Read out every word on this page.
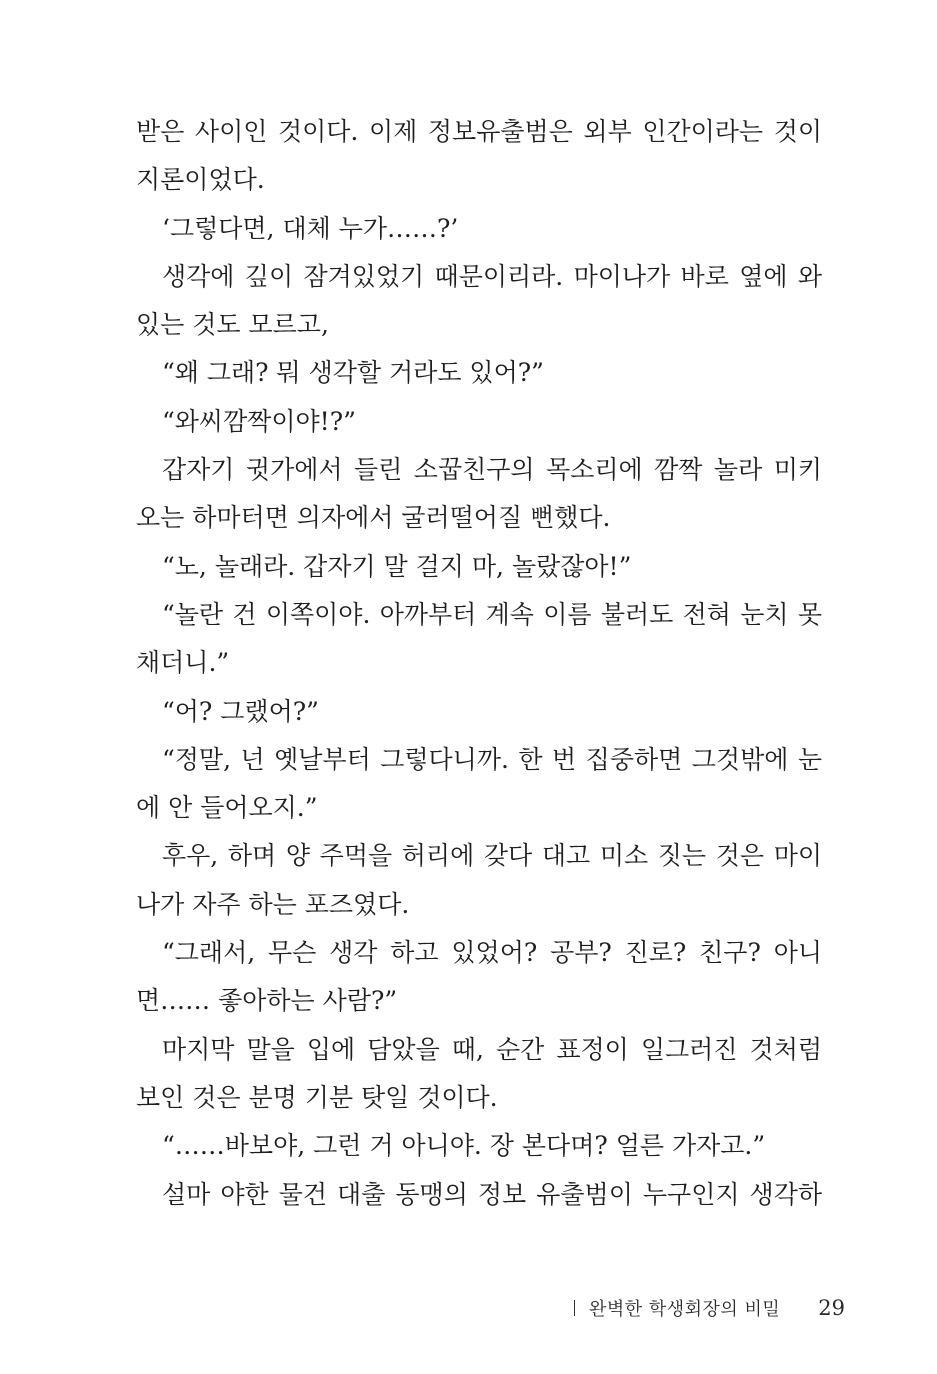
받은 사이인 것이다. 이제 정보유출범은 외부 인간이라는 것이
지론이었다.
‘그렇다면, 대체 누가……?’
생각에 깊이 잠겨있었기 때문이리라. 마이나가 바로 옆에 와
있는 것도 모르고,
“왜 그래? 뭐 생각할 거라도 있어?”
“와씨깜짝이야!?”
갑자기 귓가에서 들린 소꿉친구의 목소리에 깜짝 놀라 미키
오는 하마터면 의자에서 굴러떨어질 뻔했다.
“노, 놀래라. 갑자기 말 걸지 마, 놀랐잖아!”
“놀란 건 이쪽이야. 아까부터 계속 이름 불러도 전혀 눈치 못
채더니.”
“어? 그랬어?”
“정말, 넌 옛날부터 그렇다니까. 한 번 집중하면 그것밖에 눈
에 안 들어오지.”
후우, 하며 양 주먹을 허리에 갖다 대고 미소 짓는 것은 마이
나가 자주 하는 포즈였다.
“그래서, 무슨 생각 하고 있었어? 공부? 진로? 친구? 아니
면…… 좋아하는 사람?”
마지막 말을 입에 담았을 때, 순간 표정이 일그러진 것처럼
보인 것은 분명 기분 탓일 것이다.
“……바보야, 그런 거 아니야. 장 본다며? 얼른 가자고.”
설마 야한 물건 대출 동맹의 정보 유출범이 누구인지 생각하
완벽한 학생회장의 비밀 29
